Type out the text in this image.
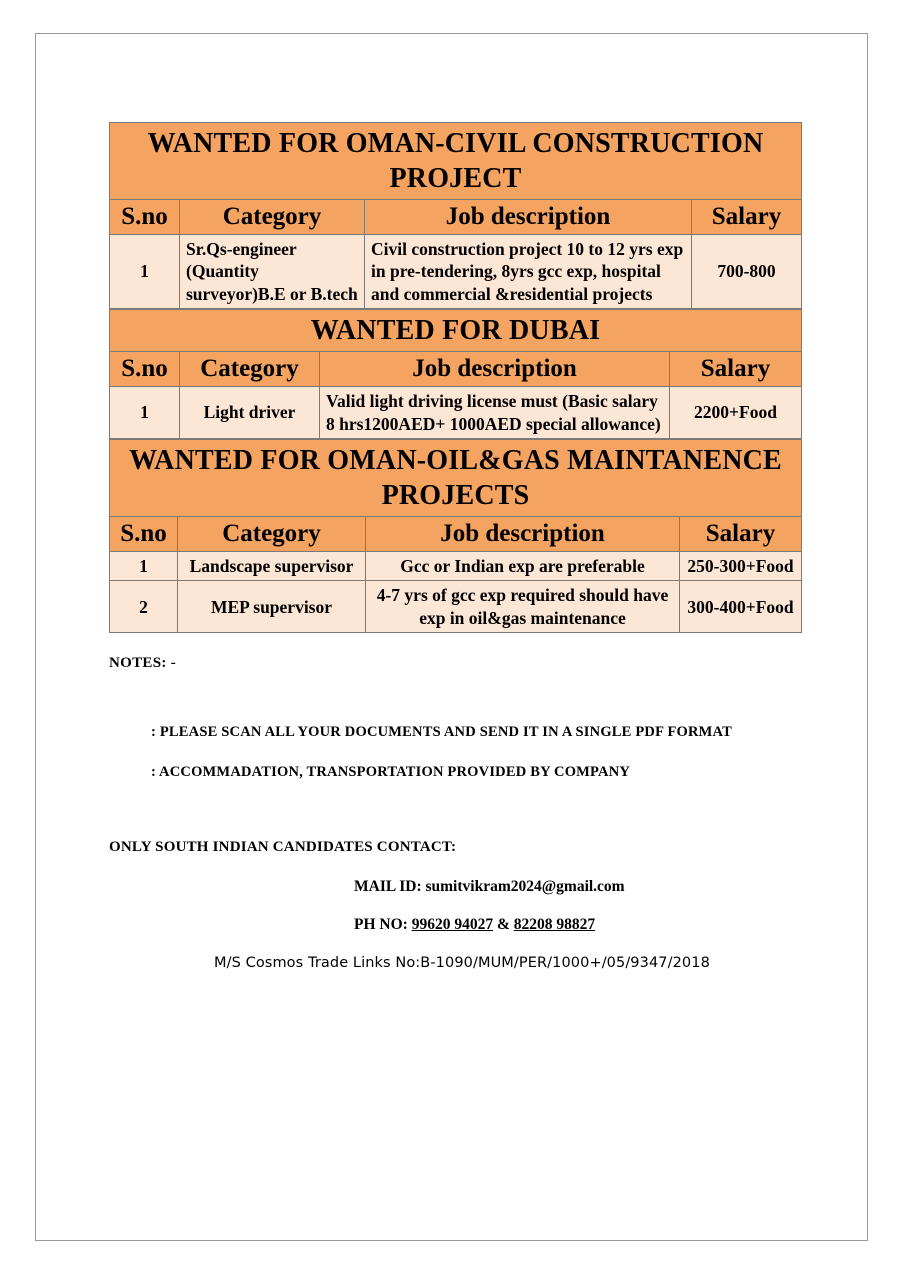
WANTED FOR OMAN-CIVIL CONSTRUCTION PROJECT			
S.no	Category	Job description	Salary
1	Sr.Qs-engineer (Quantity surveyor)B.E or B.tech	Civil construction project 10 to 12 yrs exp in pre-tendering, 8yrs gcc exp, hospital and commercial &residential projects	700-800
WANTED FOR DUBAI			
S.no	Category	Job description	Salary
1	Light driver	Valid light driving license must (Basic salary 8 hrs1200AED+ 1000AED special allowance)	2200+Food
WANTED FOR OMAN-OIL&GAS MAINTANENCE PROJECTS			
S.no	Category	Job description	Salary
1	Landscape supervisor	Gcc or Indian exp are preferable	250-300+Food
2	MEP supervisor	4-7 yrs of gcc exp required should have exp in oil&gas maintenance	300-400+Food
NOTES: -
: PLEASE SCAN ALL YOUR DOCUMENTS AND SEND IT IN A SINGLE PDF FORMAT
: ACCOMMADATION, TRANSPORTATION PROVIDED BY COMPANY
ONLY SOUTH INDIAN CANDIDATES CONTACT:
MAIL ID: sumitvikram2024@gmail.com
PH NO: 99620 94027 & 82208 98827
M/S Cosmos Trade Links No:B-1090/MUM/PER/1000+/05/9347/2018
